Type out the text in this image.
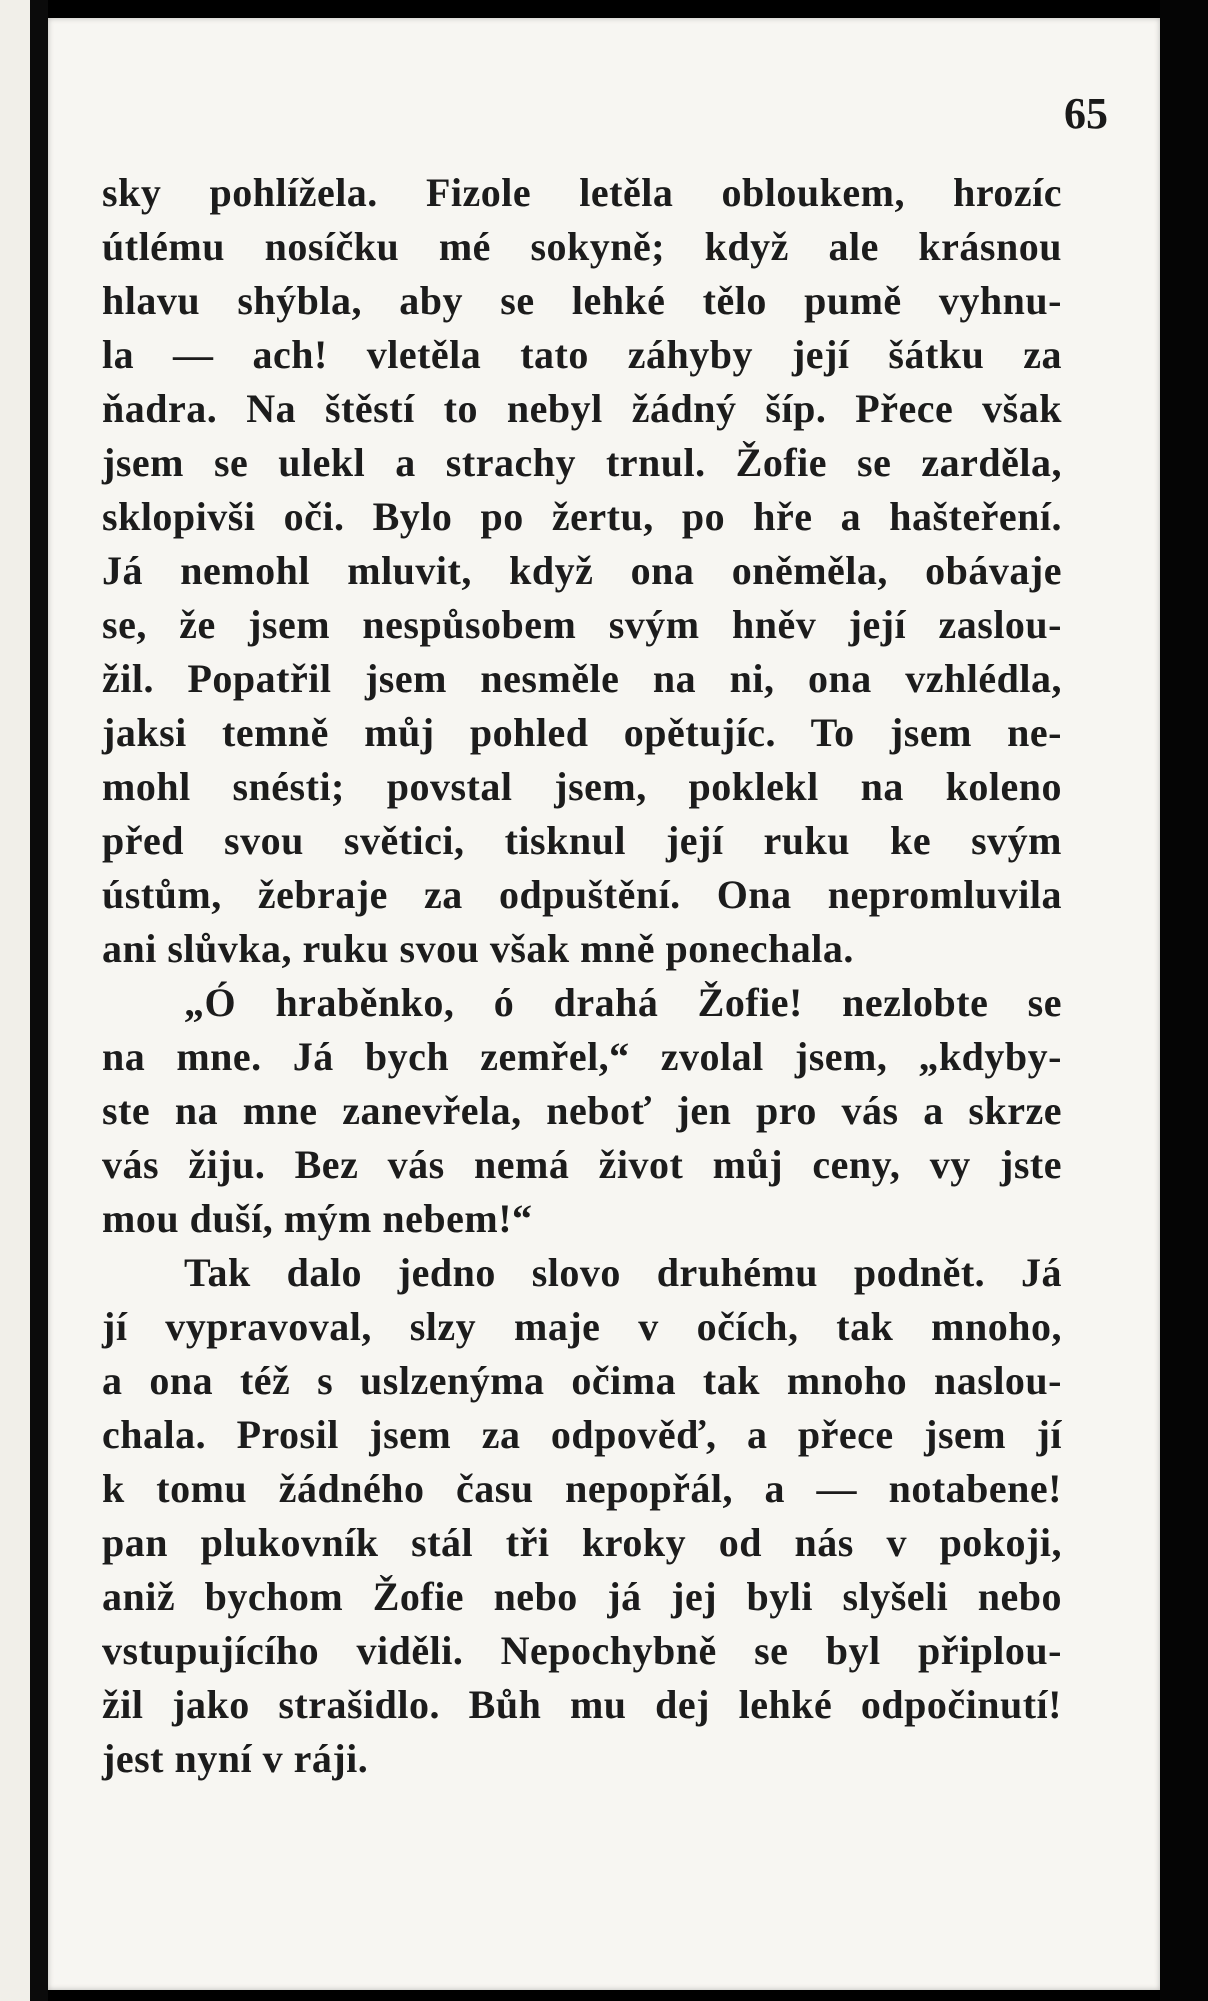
65
sky pohlížela. Fizole letěla obloukem, hrozíc
útlému nosíčku mé sokyně; když ale krásnou
hlavu shýbla, aby se lehké tělo pumě vyhnu-
la — ach! vletěla tato záhyby její šátku za
ňadra. Na štěstí to nebyl žádný šíp. Přece však
jsem se ulekl a strachy trnul. Žofie se zarděla,
sklopivši oči. Bylo po žertu, po hře a hašteření.
Já nemohl mluvit, když ona oněměla, obávaje
se, že jsem nespůsobem svým hněv její zaslou-
žil. Popatřil jsem nesměle na ni, ona vzhlédla,
jaksi temně můj pohled opětujíc. To jsem ne-
mohl snésti; povstal jsem, poklekl na koleno
před svou světici, tisknul její ruku ke svým
ústům, žebraje za odpuštění. Ona nepromluvila
ani slůvka, ruku svou však mně ponechala.
„Ó hraběnko, ó drahá Žofie! nezlobte se
na mne. Já bych zemřel,“ zvolal jsem, „kdyby-
ste na mne zanevřela, neboť jen pro vás a skrze
vás žiju. Bez vás nemá život můj ceny, vy jste
mou duší, mým nebem!“
Tak dalo jedno slovo druhému podnět. Já
jí vypravoval, slzy maje v očích, tak mnoho,
a ona též s uslzenýma očima tak mnoho naslou-
chala. Prosil jsem za odpověď, a přece jsem jí
k tomu žádného času nepopřál, a — notabene!
pan plukovník stál tři kroky od nás v pokoji,
aniž bychom Žofie nebo já jej byli slyšeli nebo
vstupujícího viděli. Nepochybně se byl připlou-
žil jako strašidlo. Bůh mu dej lehké odpočinutí!
jest nyní v ráji.
